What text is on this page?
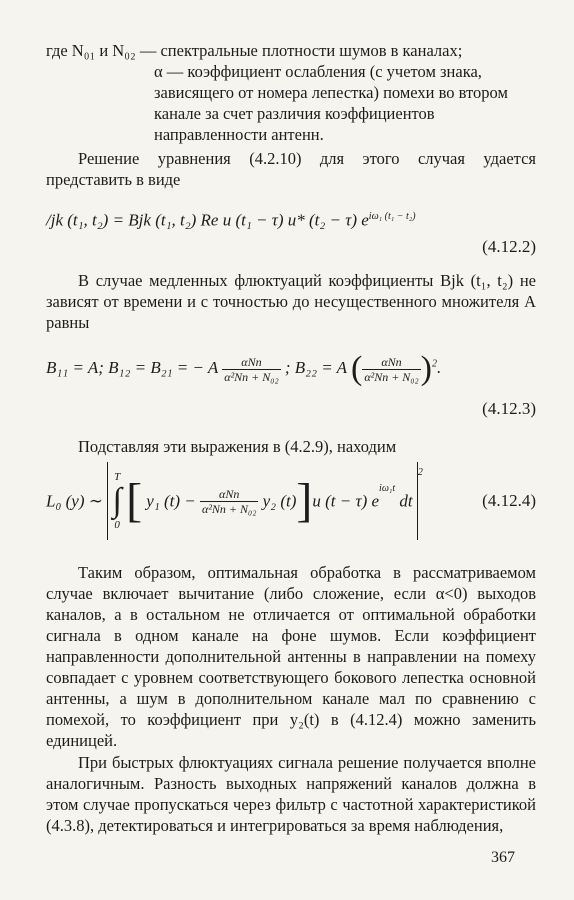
где N₀₁ и N₀₂ — спектральные плотности шумов в каналах;

α — коэффициент ослабления (с учетом знака, зависящего от номера лепестка) помехи во втором канале за счет различия коэффициентов направленности антенн.

Решение уравнения (4.2.10) для этого случая удается представить в виде

/jk (t₁, t₂) = Bjk (t₁, t₂) Re u (t₁ − τ) u* (t₂ − τ) $e^{i\omega_1 (t_1 - t_2)}$
(4.12.2)

В случае медленных флюктуаций коэффициенты Bjk (t₁, t₂) не зависят от времени и с точностью до несущественного множителя A равны

B₁₁ = A; B₁₂ = B₂₁ = − A $\frac{\text{αNп}}{\text{α²Nп + N₀₂}}$ ; B₂₂ = A ( $\frac{\text{αNп}}{\text{α²Nп + N₀₂}} )^2$.
(4.12.3)

Подставляя эти выражения в (4.2.9), находим

L₀ (y) ∼
T
∫
0 [ y₁ $(t) - \frac{\text{αNп}}{\text{α²Nп + N₀₂}} y_2$ (t)]u (t − τ) $e^{i\omega_1t}$ dt $^2$
(4.12.4)

Таким образом, оптимальная обработка в рассматриваемом случае включает вычитание (либо сложение, если α<0) выходов каналов, а в остальном не отличается от оптимальной обработки сигнала в одном канале на фоне шумов. Если коэффициент направленности дополнительной антенны в направлении на помеху совпадает с уровнем соответствующего бокового лепестка основной антенны, а шум в дополнительном канале мал по сравнению с помехой, то коэффициент при y₂(t) в (4.12.4) можно заменить единицей.

При быстрых флюктуациях сигнала решение получается вполне аналогичным. Разность выходных напряжений каналов должна в этом случае пропускаться через фильтр с частотной характеристикой (4.3.8), детектироваться и интегрироваться за время наблюдения,

367
